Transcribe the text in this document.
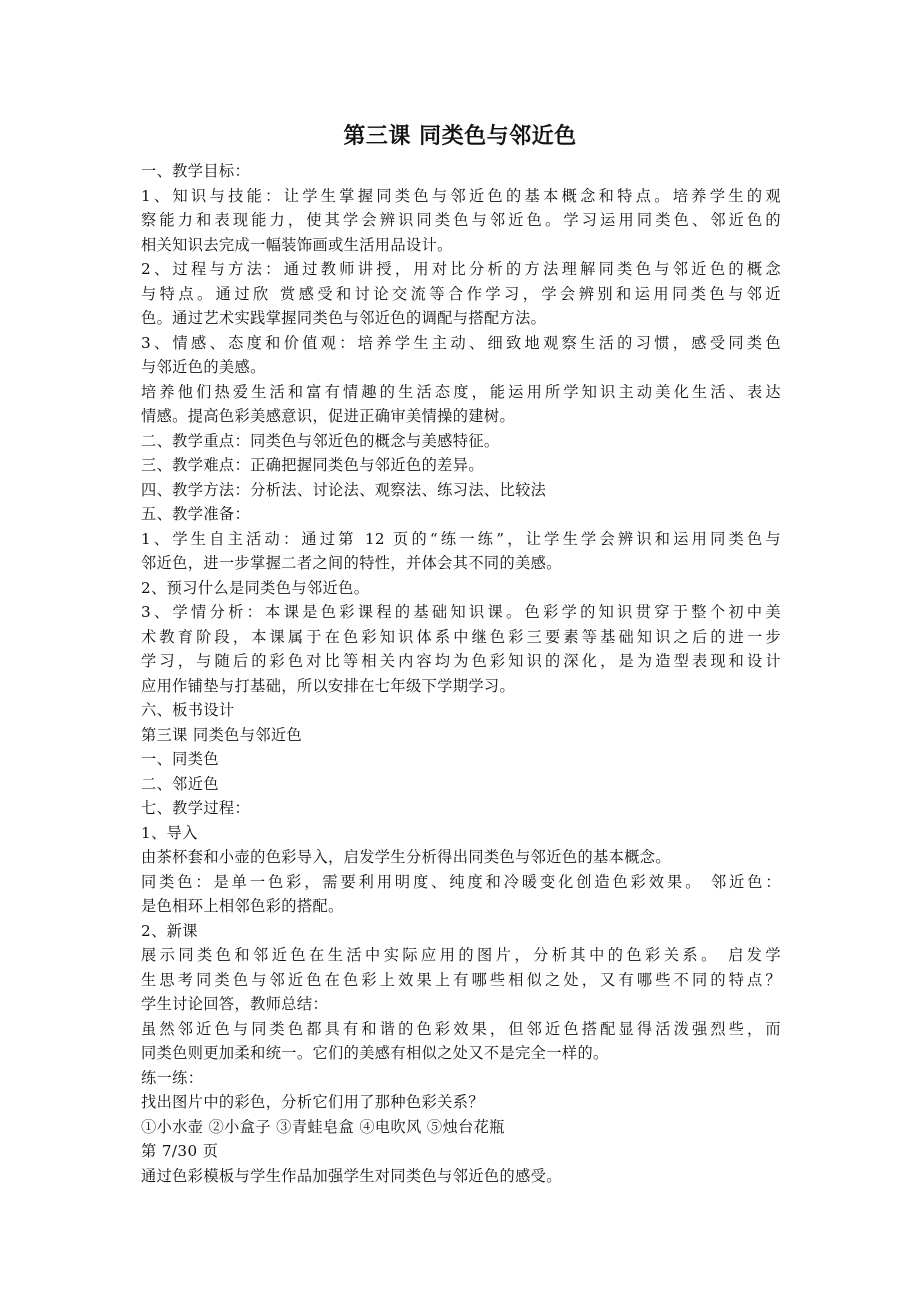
第三课 同类色与邻近色
一、教学目标：
1、知识与技能：让学生掌握同类色与邻近色的基本概念和特点。培养学生的观
察能力和表现能力，使其学会辨识同类色与邻近色。学习运用同类色、邻近色的
相关知识去完成一幅装饰画或生活用品设计。
2、过程与方法：通过教师讲授，用对比分析的方法理解同类色与邻近色的概念
与特点。通过欣 赏感受和讨论交流等合作学习，学会辨别和运用同类色与邻近
色。通过艺术实践掌握同类色与邻近色的调配与搭配方法。
3、情感、态度和价值观：培养学生主动、细致地观察生活的习惯，感受同类色
与邻近色的美感。
培养他们热爱生活和富有情趣的生活态度，能运用所学知识主动美化生活、表达
情感。提高色彩美感意识，促进正确审美情操的建树。
二、教学重点：同类色与邻近色的概念与美感特征。
三、教学难点：正确把握同类色与邻近色的差异。
四、教学方法：分析法、讨论法、观察法、练习法、比较法
五、教学准备：
1、学生自主活动：通过第 12 页的“练一练”，让学生学会辨识和运用同类色与
邻近色，进一步掌握二者之间的特性，并体会其不同的美感。
2、预习什么是同类色与邻近色。
3、学情分析：本课是色彩课程的基础知识课。色彩学的知识贯穿于整个初中美
术教育阶段，本课属于在色彩知识体系中继色彩三要素等基础知识之后的进一步
学习，与随后的彩色对比等相关内容均为色彩知识的深化，是为造型表现和设计
应用作铺垫与打基础，所以安排在七年级下学期学习。
六、板书设计
第三课 同类色与邻近色
一、同类色
二、邻近色
七、教学过程：
1、导入
由茶杯套和小壶的色彩导入，启发学生分析得出同类色与邻近色的基本概念。
同类色：是单一色彩，需要利用明度、纯度和冷暖变化创造色彩效果。 邻近色：
是色相环上相邻色彩的搭配。
2、新课
展示同类色和邻近色在生活中实际应用的图片，分析其中的色彩关系。 启发学
生思考同类色与邻近色在色彩上效果上有哪些相似之处，又有哪些不同的特点？
学生讨论回答，教师总结：
虽然邻近色与同类色都具有和谐的色彩效果，但邻近色搭配显得活泼强烈些，而
同类色则更加柔和统一。它们的美感有相似之处又不是完全一样的。
练一练：
找出图片中的彩色，分析它们用了那种色彩关系？
①小水壶 ②小盒子 ③青蛙皂盒 ④电吹风 ⑤烛台花瓶
第 7/30 页
通过色彩模板与学生作品加强学生对同类色与邻近色的感受。
